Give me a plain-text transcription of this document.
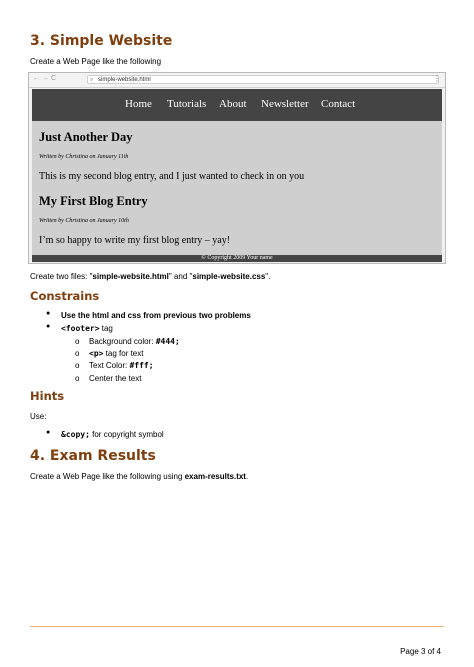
3. Simple Website
Create a Web Page like the following
←→C	⌕ simple-website.html	⋮
Home Tutorials About Newsletter Contact
Just Another Day
Written by Christina on January 11th
This is my second blog entry, and I just wanted to check in on you
My First Blog Entry
Written by Christina on January 10th
I’m so happy to write my first blog entry – yay!
© Copyright 2009 Your name
Create two files: "simple-website.html" and "simple-website.css".
Constrains
● Use the html and css from previous two problems
● <footer> tag
o Background color: #444;
o <p> tag for text
o Text Color: #fff;
o Center the text
Hints
Use:
● &copy; for copyright symbol
4. Exam Results
Create a Web Page like the following using exam-results.txt.
Page 3 of 4
